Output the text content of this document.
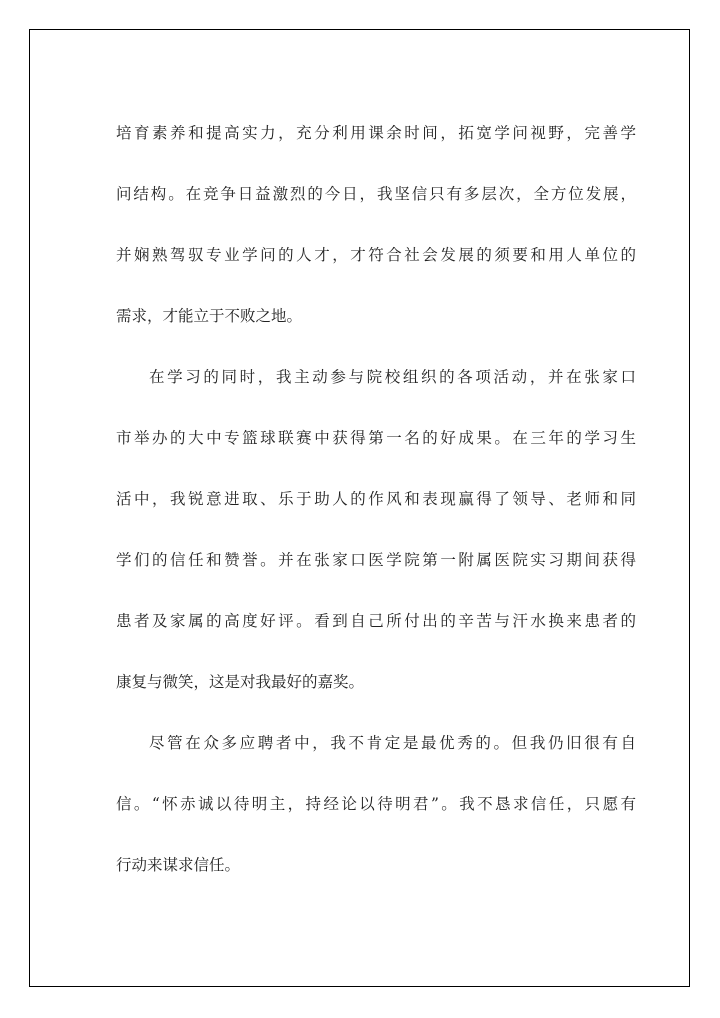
培育素养和提高实力，充分利用课余时间，拓宽学问视野，完善学
问结构。在竞争日益激烈的今日，我坚信只有多层次，全方位发展，
并娴熟驾驭专业学问的人才，才符合社会发展的须要和用人单位的
需求，才能立于不败之地。
在学习的同时，我主动参与院校组织的各项活动，并在张家口
市举办的大中专篮球联赛中获得第一名的好成果。在三年的学习生
活中，我锐意进取、乐于助人的作风和表现赢得了领导、老师和同
学们的信任和赞誉。并在张家口医学院第一附属医院实习期间获得
患者及家属的高度好评。看到自己所付出的辛苦与汗水换来患者的
康复与微笑，这是对我最好的嘉奖。
尽管在众多应聘者中，我不肯定是最优秀的。但我仍旧很有自
信。“怀赤诚以待明主，持经论以待明君”。我不恳求信任，只愿有
行动来谋求信任。
